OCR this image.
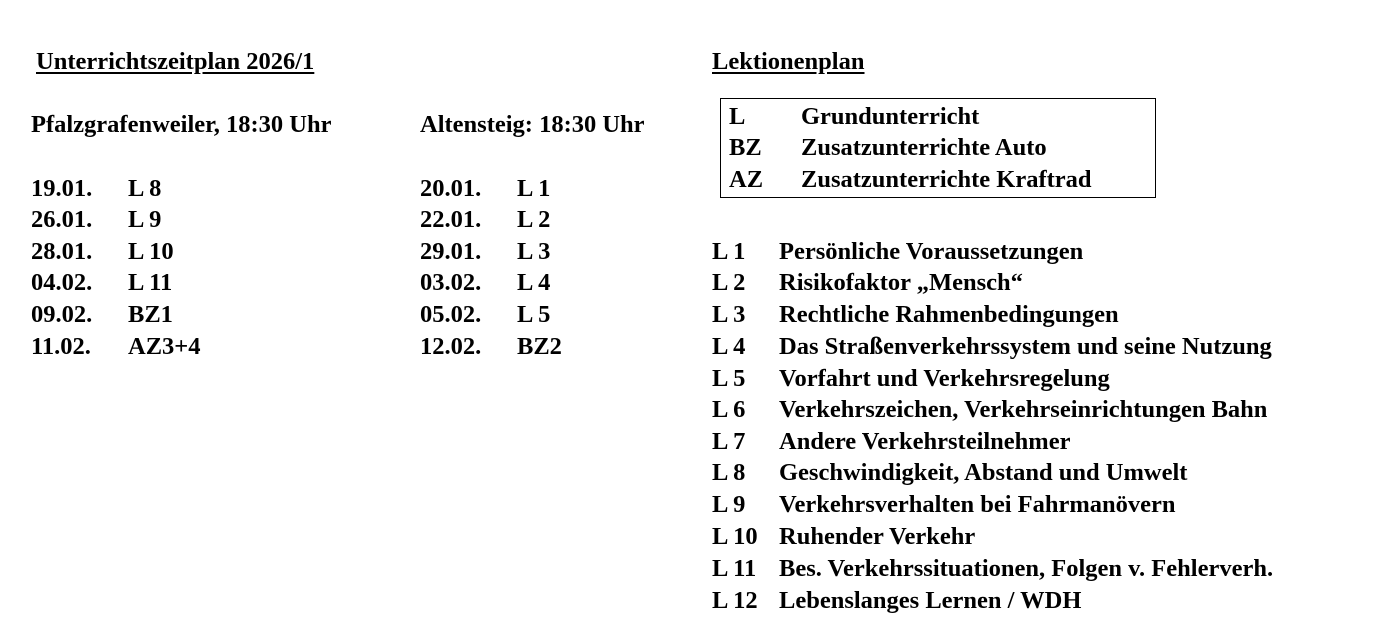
Unterrichtszeitplan 2026/1
Pfalzgrafenweiler, 18:30 Uhr	Altensteig: 18:30 Uhr
19.01. L 8
26.01. L 9
28.01. L 10
04.02. L 11
09.02. BZ1
11.02. AZ3+4
20.01. L 1
22.01. L 2
29.01. L 3
03.02. L 4
05.02. L 5
12.02. BZ2
Lektionenplan
L Grundunterricht
BZ Zusatzunterrichte Auto
AZ Zusatzunterrichte Kraftrad
L 1 Persönliche Voraussetzungen
L 2 Risikofaktor „Mensch“
L 3 Rechtliche Rahmenbedingungen
L 4 Das Straßenverkehrssystem und seine Nutzung
L 5 Vorfahrt und Verkehrsregelung
L 6 Verkehrszeichen, Verkehrseinrichtungen Bahn
L 7 Andere Verkehrsteilnehmer
L 8 Geschwindigkeit, Abstand und Umwelt
L 9 Verkehrsverhalten bei Fahrmanövern
L 10 Ruhender Verkehr
L 11 Bes. Verkehrssituationen, Folgen v. Fehlerverh.
L 12 Lebenslanges Lernen / WDH
